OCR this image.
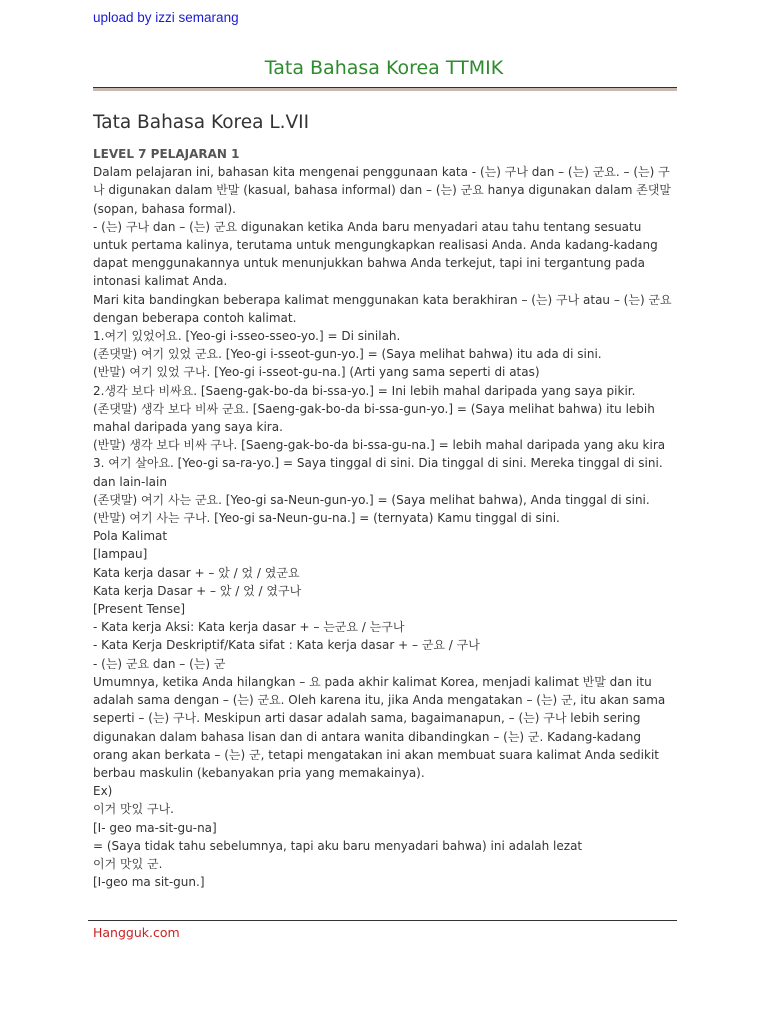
upload by izzi semarang
Tata Bahasa Korea TTMIK
Tata Bahasa Korea L.VII

LEVEL 7 PELAJARAN 1

Dalam pelajaran ini, bahasan kita mengenai penggunaan kata - (는) 구나 dan – (는) 군요. – (는) 구나 digunakan dalam 반말 (kasual, bahasa informal) dan – (는) 군요 hanya digunakan dalam 존댓말 (sopan, bahasa formal).

- (는) 구나 dan – (는) 군요 digunakan ketika Anda baru menyadari atau tahu tentang sesuatu untuk pertama kalinya, terutama untuk mengungkapkan realisasi Anda. Anda kadang-kadang dapat menggunakannya untuk menunjukkan bahwa Anda terkejut, tapi ini tergantung pada intonasi kalimat Anda.

Mari kita bandingkan beberapa kalimat menggunakan kata berakhiran – (는) 구나 atau – (는) 군요 dengan beberapa contoh kalimat.

1.여기 있었어요. [Yeo-gi i-sseo-sseo-yo.] = Di sinilah.

(존댓말) 여기 있었 군요. [Yeo-gi i-sseot-gun-yo.] = (Saya melihat bahwa) itu ada di sini.

(반말) 여기 있었 구나. [Yeo-gi i-sseot-gu-na.] (Arti yang sama seperti di atas)

2.생각 보다 비싸요. [Saeng-gak-bo-da bi-ssa-yo.] = Ini lebih mahal daripada yang saya pikir.

(존댓말) 생각 보다 비싸 군요. [Saeng-gak-bo-da bi-ssa-gun-yo.] = (Saya melihat bahwa) itu lebih mahal daripada yang saya kira.

(반말) 생각 보다 비싸 구나. [Saeng-gak-bo-da bi-ssa-gu-na.] = lebih mahal daripada yang aku kira

3. 여기 살아요. [Yeo-gi sa-ra-yo.] = Saya tinggal di sini. Dia tinggal di sini. Mereka tinggal di sini. dan lain-lain

(존댓말) 여기 사는 군요. [Yeo-gi sa-Neun-gun-yo.] = (Saya melihat bahwa), Anda tinggal di sini.

(반말) 여기 사는 구나. [Yeo-gi sa-Neun-gu-na.] = (ternyata) Kamu tinggal di sini.

Pola Kalimat

[lampau]

Kata kerja dasar + – 았 / 었 / 였군요

Kata kerja Dasar + – 았 / 었 / 였구나

[Present Tense]

- Kata kerja Aksi: Kata kerja dasar + – 는군요 / 는구나

- Kata Kerja Deskriptif/Kata sifat : Kata kerja dasar + – 군요 / 구나

- (는) 군요 dan – (는) 군

Umumnya, ketika Anda hilangkan – 요 pada akhir kalimat Korea, menjadi kalimat 반말 dan itu adalah sama dengan – (는) 군요. Oleh karena itu, jika Anda mengatakan – (는) 군, itu akan sama seperti – (는) 구나. Meskipun arti dasar adalah sama, bagaimanapun, – (는) 구나 lebih sering digunakan dalam bahasa lisan dan di antara wanita dibandingkan – (는) 군. Kadang-kadang orang akan berkata – (는) 군, tetapi mengatakan ini akan membuat suara kalimat Anda sedikit berbau maskulin (kebanyakan pria yang memakainya).

Ex)

이거 맛있 구나.

[I- geo ma-sit-gu-na]

= (Saya tidak tahu sebelumnya, tapi aku baru menyadari bahwa) ini adalah lezat

이거 맛있 군.

[I-geo ma sit-gun.]

Hangguk.com
